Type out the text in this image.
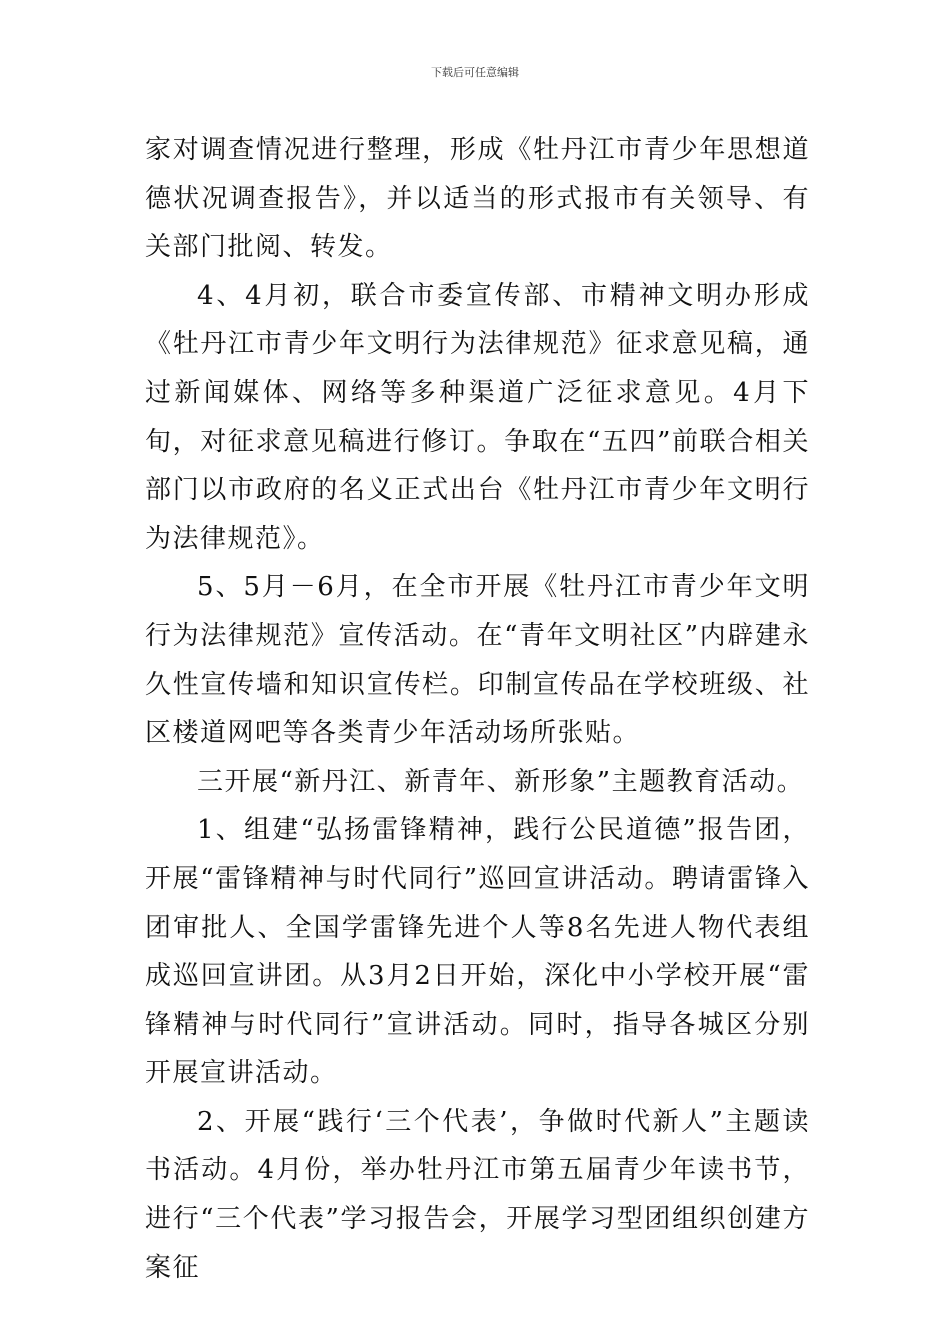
下载后可任意编辑

家对调查情况进行整理，形成《牡丹江市青少年思想道德状况调查报告》，并以适当的形式报市有关领导、有关部门批阅、转发。

4、4月初，联合市委宣传部、市精神文明办形成《牡丹江市青少年文明行为法律规范》征求意见稿，通过新闻媒体、网络等多种渠道广泛征求意见。4月下旬，对征求意见稿进行修订。争取在“五四”前联合相关部门以市政府的名义正式出台《牡丹江市青少年文明行为法律规范》。

5、5月－6月，在全市开展《牡丹江市青少年文明行为法律规范》宣传活动。在“青年文明社区”内辟建永久性宣传墙和知识宣传栏。印制宣传品在学校班级、社区楼道网吧等各类青少年活动场所张贴。

三开展“新丹江、新青年、新形象”主题教育活动。

1、组建“弘扬雷锋精神，践行公民道德”报告团，开展“雷锋精神与时代同行”巡回宣讲活动。聘请雷锋入团审批人、全国学雷锋先进个人等8名先进人物代表组成巡回宣讲团。从3月2日开始，深化中小学校开展“雷锋精神与时代同行”宣讲活动。同时，指导各城区分别开展宣讲活动。

2、开展“践行‘三个代表’，争做时代新人”主题读书活动。4月份，举办牡丹江市第五届青少年读书节，进行“三个代表”学习报告会，开展学习型团组织创建方案征
